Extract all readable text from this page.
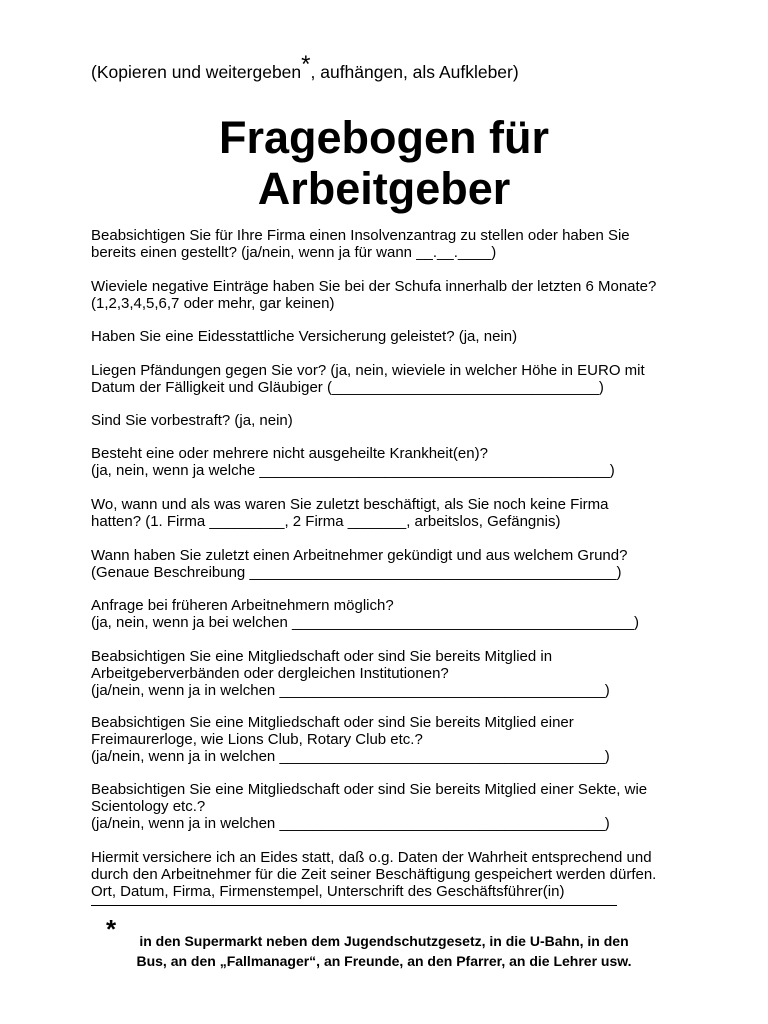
(Kopieren und weitergeben*, aufhängen, als Aufkleber)
Fragebogen für
Arbeitgeber
Beabsichtigen Sie für Ihre Firma einen Insolvenzantrag zu stellen oder haben Sie
bereits einen gestellt? (ja/nein, wenn ja für wann __.__.____)
Wieviele negative Einträge haben Sie bei der Schufa innerhalb der letzten 6 Monate?
(1,2,3,4,5,6,7 oder mehr, gar keinen)
Haben Sie eine Eidesstattliche Versicherung geleistet? (ja, nein)
Liegen Pfändungen gegen Sie vor? (ja, nein, wieviele in welcher Höhe in EURO mit
Datum der Fälligkeit und Gläubiger (________________________________)
Sind Sie vorbestraft? (ja, nein)
Besteht eine oder mehrere nicht ausgeheilte Krankheit(en)?
(ja, nein, wenn ja welche __________________________________________)
Wo, wann und als was waren Sie zuletzt beschäftigt, als Sie noch keine Firma
hatten? (1. Firma _________, 2 Firma _______, arbeitslos, Gefängnis)
Wann haben Sie zuletzt einen Arbeitnehmer gekündigt und aus welchem Grund?
(Genaue Beschreibung ____________________________________________)
Anfrage bei früheren Arbeitnehmern möglich?
(ja, nein, wenn ja bei welchen _________________________________________)
Beabsichtigen Sie eine Mitgliedschaft oder sind Sie bereits Mitglied in
Arbeitgeberverbänden oder dergleichen Institutionen?
(ja/nein, wenn ja in welchen _______________________________________)
Beabsichtigen Sie eine Mitgliedschaft oder sind Sie bereits Mitglied einer
Freimaurerloge, wie Lions Club, Rotary Club etc.?
(ja/nein, wenn ja in welchen _______________________________________)
Beabsichtigen Sie eine Mitgliedschaft oder sind Sie bereits Mitglied einer Sekte, wie
Scientology etc.?
(ja/nein, wenn ja in welchen _______________________________________)
Hiermit versichere ich an Eides statt, daß o.g. Daten der Wahrheit entsprechend und
durch den Arbeitnehmer für die Zeit seiner Beschäftigung gespeichert werden dürfen.
Ort, Datum, Firma, Firmenstempel, Unterschrift des Geschäftsführer(in)
*	in den Supermarkt neben dem Jugendschutzgesetz, in die U-Bahn, in den
Bus, an den „Fallmanager“, an Freunde, an den Pfarrer, an die Lehrer usw.
